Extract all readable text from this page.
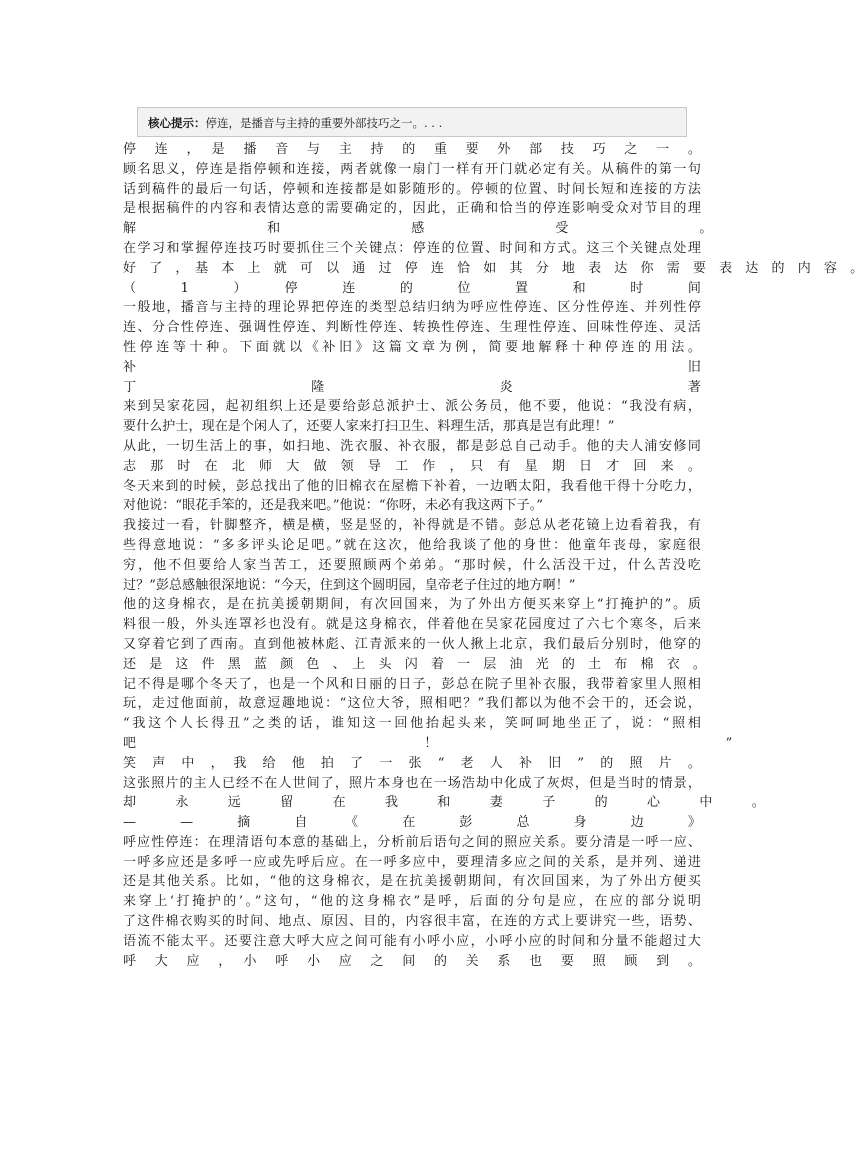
核心提示：停连，是播音与主持的重要外部技巧之一。. . .
停　连　，　是　播　音　与　主　持　的　重　要　外　部　技　巧　之　一　。
顾名思义，停连是指停顿和连接，两者就像一扇门一样有开门就必定有关。从稿件的第一句
话到稿件的最后一句话，停顿和连接都是如影随形的。停顿的位置、时间长短和连接的方法
是根据稿件的内容和表情达意的需要确定的，因此，正确和恰当的停连影响受众对节目的理
解　　　　　　　　　　和　　　　　　　　　　感　　　　　　　　　　受　　　　　　　　　　。
在学习和掌握停连技巧时要抓住三个关键点：停连的位置、时间和方式。这三个关键点处理
好　了　，　基　本　上　就　可　以　通　过　停　连　恰　如　其　分　地　表　达　你　需　要　表　达　的　内　容　。
（　　　1　　　）　　　停　　　连　　　的　　　位　　　置　　　和　　　时　　　间
一般地，播音与主持的理论界把停连的类型总结归纳为呼应性停连、区分性停连、并列性停
连、分合性停连、强调性停连、判断性停连、转换性停连、生理性停连、回味性停连、灵活
性停连等十种。下面就以《补旧》这篇文章为例，简要地解释十种停连的用法。
补　　　　　　　　　　　　　　　　　　　　　　　　　　　　　　　　　　　　　　　　　　旧
丁　　　　　　　　　　　　隆　　　　　　　　　　　　炎　　　　　　　　　　　　著
来到吴家花园，起初组织上还是要给彭总派护士、派公务员，他不要，他说：“我没有病，
要什么护士，现在是个闲人了，还要人家来打扫卫生、料理生活，那真是岂有此理！”
从此，一切生活上的事，如扫地、洗衣服、补衣服，都是彭总自己动手。他的夫人浦安修同
志　那　时　在　北　师　大　做　领　导　工　作　，　只　有　星　期　日　才　回　来　。
冬天来到的时候，彭总找出了他的旧棉衣在屋檐下补着，一边晒太阳，我看他干得十分吃力，
对他说：“眼花手笨的，还是我来吧。”他说：“你呀，未必有我这两下子。”
我接过一看，针脚整齐，横是横，竖是竖的，补得就是不错。彭总从老花镜上边看着我，有
些得意地说：“多多评头论足吧。”就在这次，他给我谈了他的身世：他童年丧母，家庭很
穷，他不但要给人家当苦工，还要照顾两个弟弟。“那时候，什么活没干过，什么苦没吃
过？”彭总感触很深地说：“今天，住到这个圆明园，皇帝老子住过的地方啊！”
他的这身棉衣，是在抗美援朝期间，有次回国来，为了外出方便买来穿上“打掩护的”。质
料很一般，外头连罩衫也没有。就是这身棉衣，伴着他在吴家花园度过了六七个寒冬，后来
又穿着它到了西南。直到他被林彪、江青派来的一伙人揪上北京，我们最后分别时，他穿的
还　是　这　件　黑　蓝　颜　色　、　上　头　闪　着　一　层　油　光　的　土　布　棉　衣　。
记不得是哪个冬天了，也是一个风和日丽的日子，彭总在院子里补衣服，我带着家里人照相
玩，走过他面前，故意逗趣地说：“这位大爷，照相吧？”我们都以为他不会干的，还会说，
“我这个人长得丑”之类的话，谁知这一回他抬起头来，笑呵呵地坐正了，说：“照相
吧　　　　　　　　　　　　　　　　　　　　　　！　　　　　　　　　　　　　　　　　　　　　　”
笑　声　中　，　我　给　他　拍　了　一　张　“　老　人　补　旧　”　的　照　片　。
这张照片的主人已经不在人世间了，照片本身也在一场浩劫中化成了灰烬，但是当时的情景，
却　　　永　　　远　　　留　　　在　　　我　　　和　　　妻　　　子　　　的　　　心　　　中　　　。
—　　—　　摘　　自　　《　　在　　彭　　总　　身　　边　　》
呼应性停连：在理清语句本意的基础上，分析前后语句之间的照应关系。要分清是一呼一应、
一呼多应还是多呼一应或先呼后应。在一呼多应中，要理清多应之间的关系，是并列、递进
还是其他关系。比如，“他的这身棉衣，是在抗美援朝期间，有次回国来，为了外出方便买
来穿上‘打掩护的’。”这句，“他的这身棉衣”是呼，后面的分句是应，在应的部分说明
了这件棉衣购买的时间、地点、原因、目的，内容很丰富，在连的方式上要讲究一些，语势、
语流不能太平。还要注意大呼大应之间可能有小呼小应，小呼小应的时间和分量不能超过大
呼　大　应　，　小　呼　小　应　之　间　的　关　系　也　要　照　顾　到　。
